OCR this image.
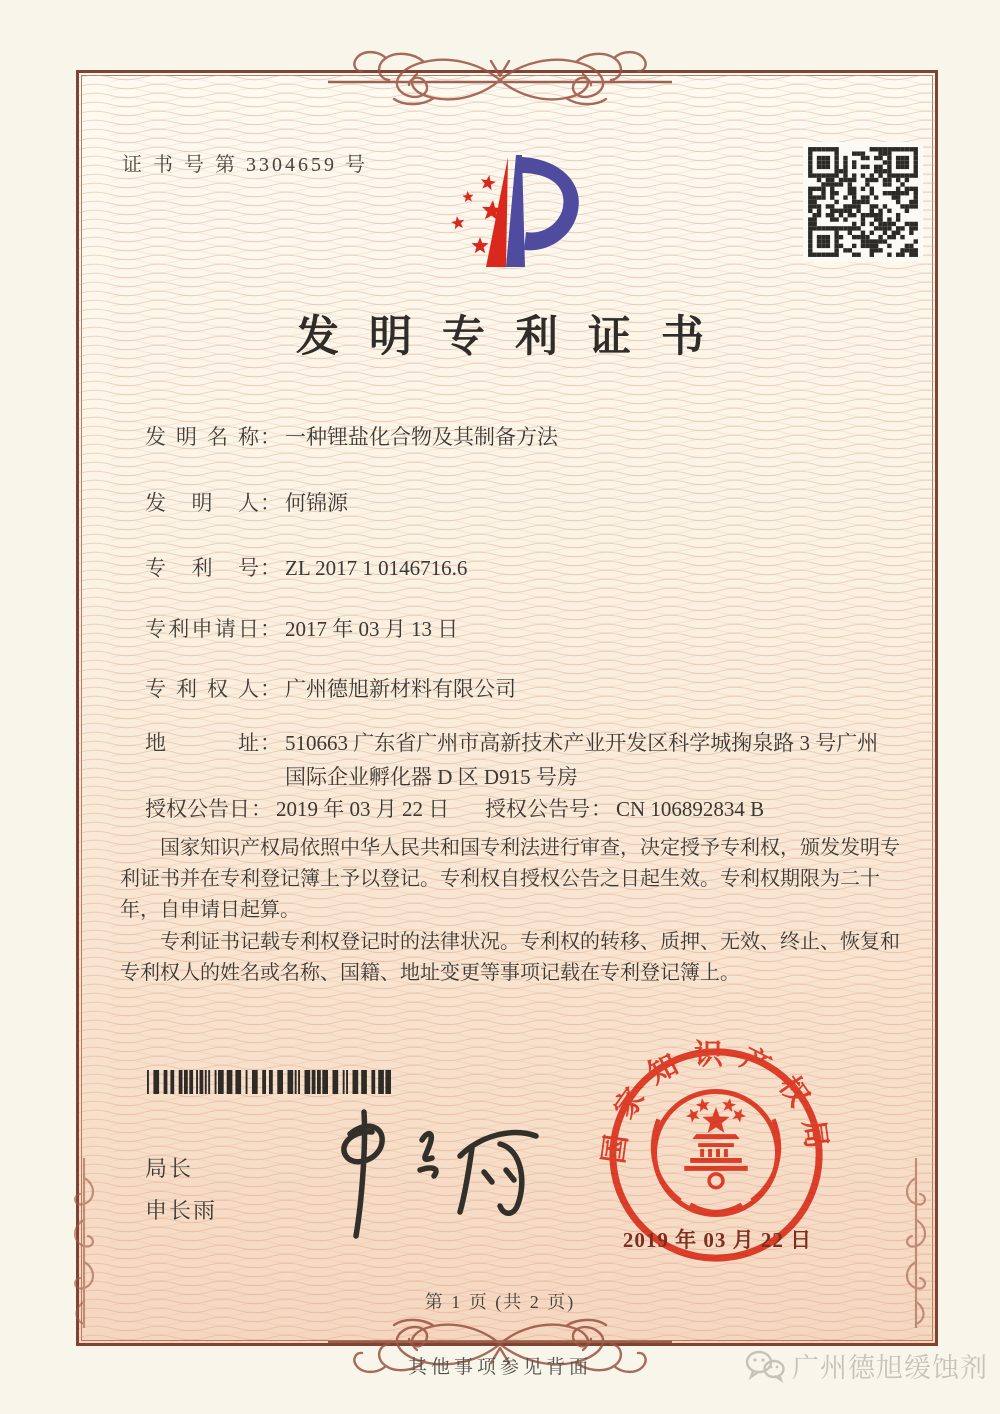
证 书 号 第 3304659 号
发明专利证书
发明名称： 一种锂盐化合物及其制备方法
发明人： 何锦源
专利号： ZL 2017 1 0146716.6
专利申请日： 2017 年 03 月 13 日
专利权人： 广州德旭新材料有限公司
地址： 510663 广东省广州市高新技术产业开发区科学城掬泉路 3 号广州国际企业孵化器 D 区 D915 号房
授权公告日： 2019 年 03 月 22 日 授权公告号： CN 106892834 B

国家知识产权局依照中华人民共和国专利法进行审查，决定授予专利权，颁发发明专利证书并在专利登记簿上予以登记。专利权自授权公告之日起生效。专利权期限为二十年，自申请日起算。

专利证书记载专利权登记时的法律状况。专利权的转移、质押、无效、终止、恢复和专利权人的姓名或名称、国籍、地址变更等事项记载在专利登记簿上。

局长
申长雨
国家知识产权局
2019 年 03 月 22 日
第 1 页 (共 2 页)
其他事项参见背面	广州德旭缓蚀剂
